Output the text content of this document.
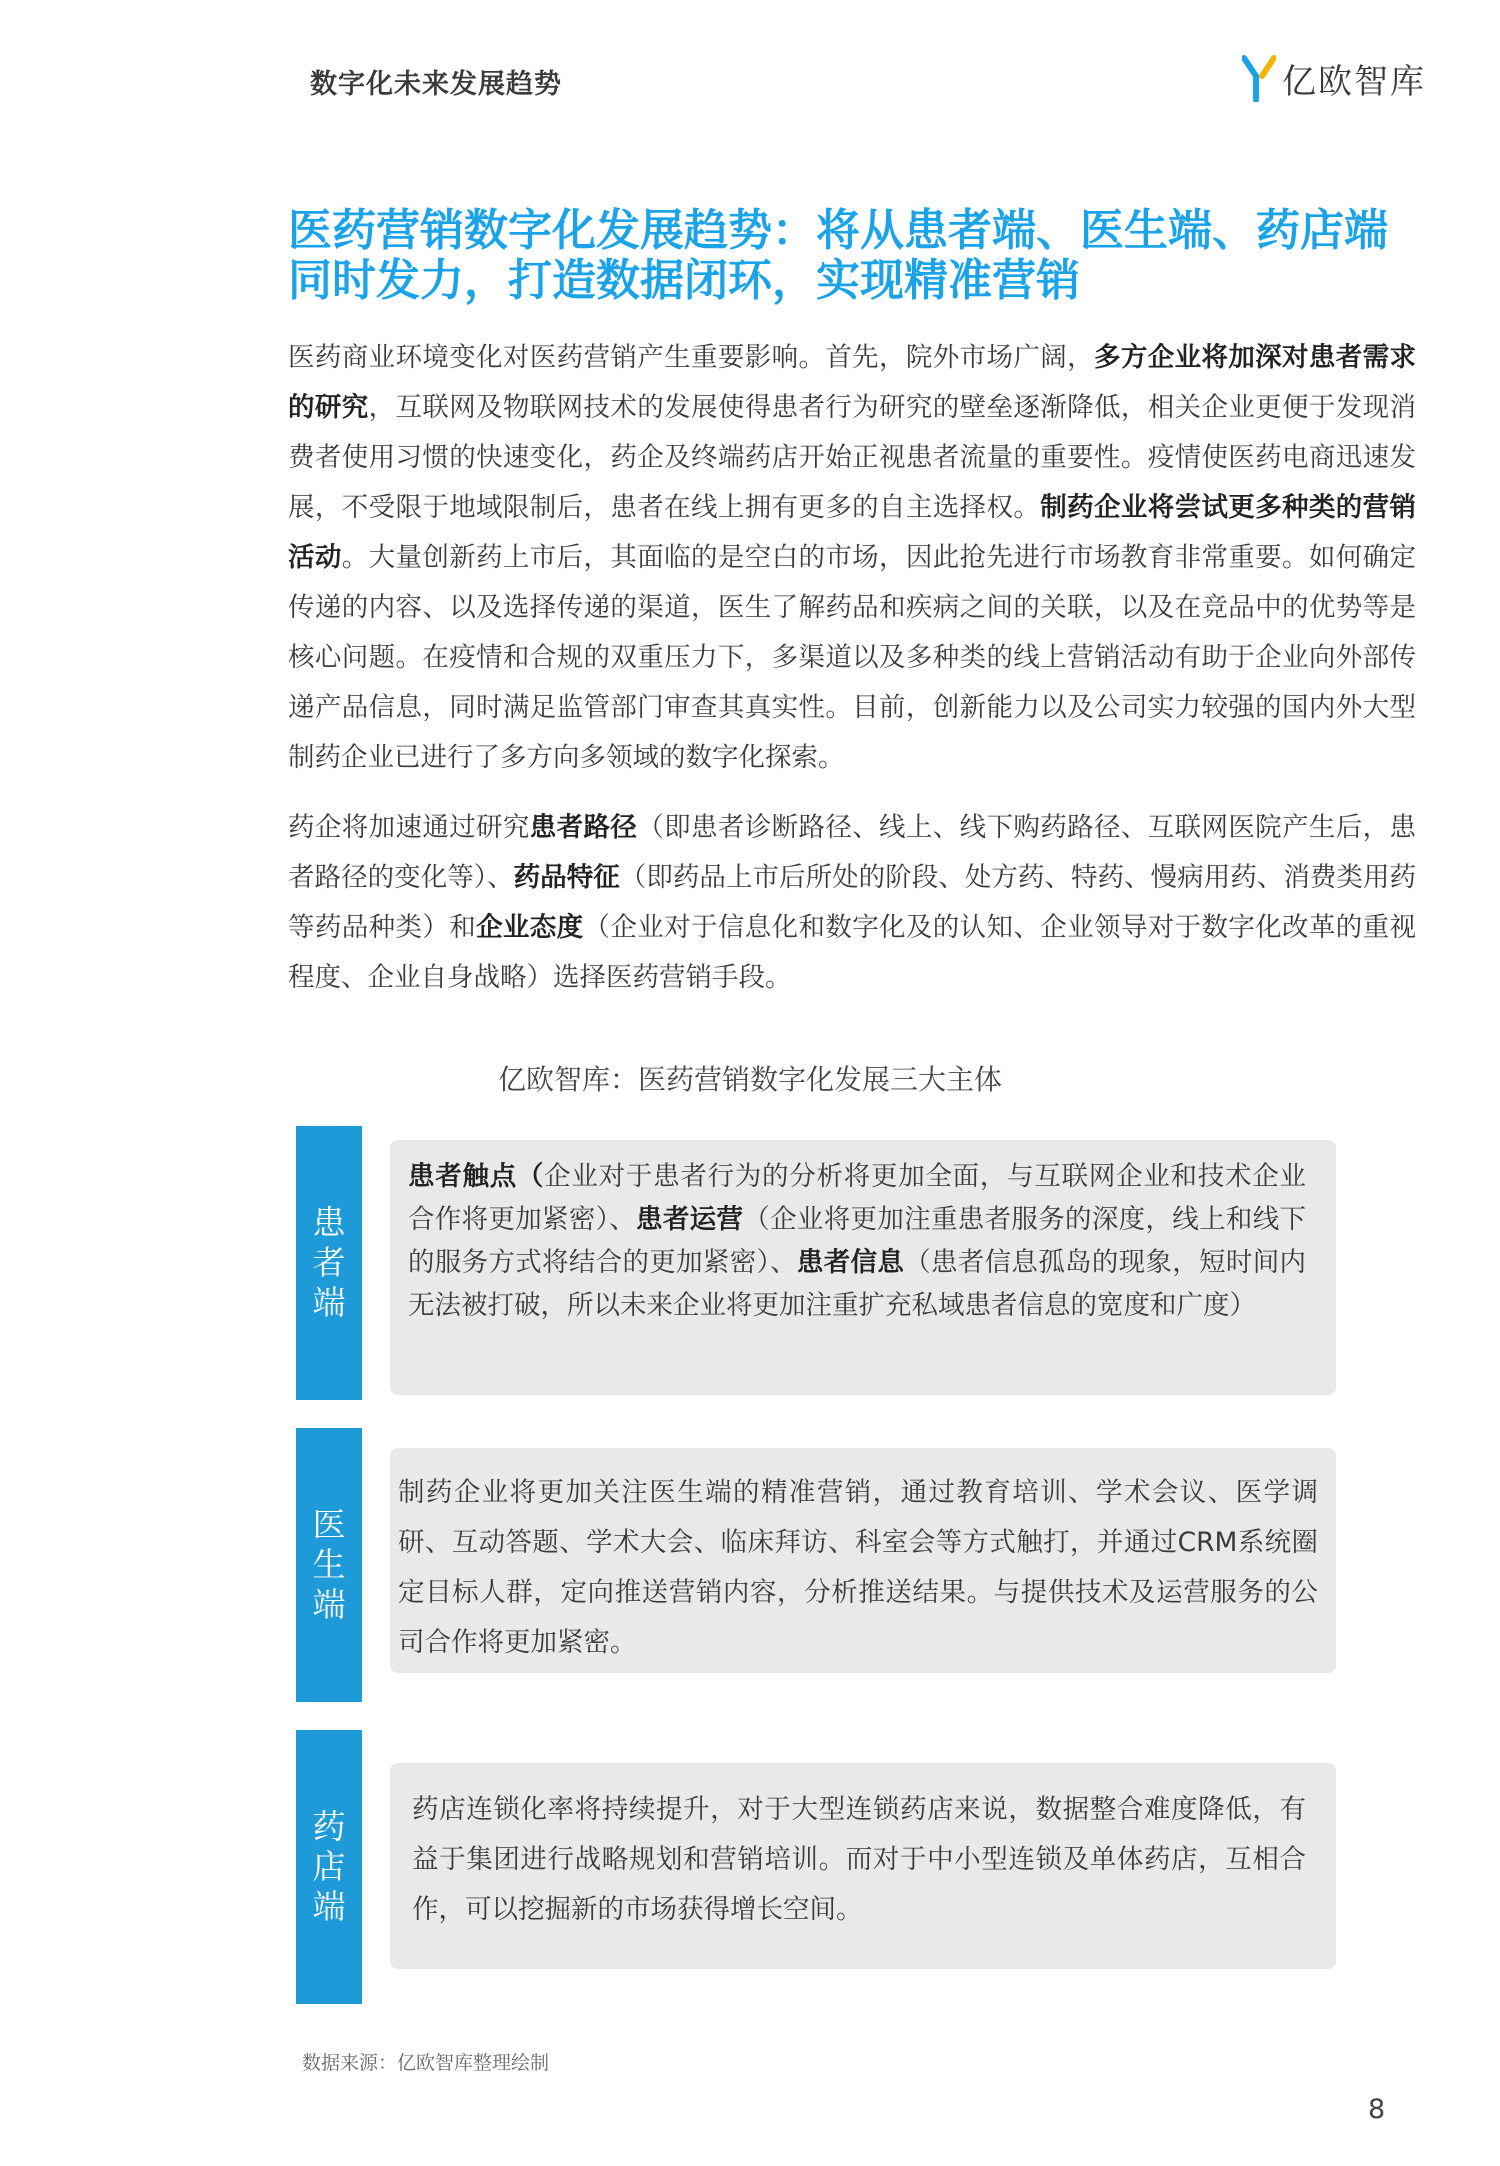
数字化未来发展趋势	亿欧智库
医药营销数字化发展趋势：将从患者端、医生端、药店端
同时发力，打造数据闭环，实现精准营销
医药商业环境变化对医药营销产生重要影响。首先，院外市场广阔，多方企业将加深对患者需求的研究，互联网及物联网技术的发展使得患者行为研究的壁垒逐渐降低，相关企业更便于发现消费者使用习惯的快速变化，药企及终端药店开始正视患者流量的重要性。疫情使医药电商迅速发展，不受限于地域限制后，患者在线上拥有更多的自主选择权。制药企业将尝试更多种类的营销活动。大量创新药上市后，其面临的是空白的市场，因此抢先进行市场教育非常重要。如何确定传递的内容、以及选择传递的渠道，医生了解药品和疾病之间的关联，以及在竞品中的优势等是核心问题。在疫情和合规的双重压力下，多渠道以及多种类的线上营销活动有助于企业向外部传递产品信息，同时满足监管部门审查其真实性。目前，创新能力以及公司实力较强的国内外大型制药企业已进行了多方向多领域的数字化探索。
药企将加速通过研究患者路径（即患者诊断路径、线上、线下购药路径、互联网医院产生后，患者路径的变化等）、药品特征（即药品上市后所处的阶段、处方药、特药、慢病用药、消费类用药等药品种类）和企业态度（企业对于信息化和数字化及的认知、企业领导对于数字化改革的重视程度、企业自身战略）选择医药营销手段。
亿欧智库：医药营销数字化发展三大主体
患
者
端
患者触点（企业对于患者行为的分析将更加全面，与互联网企业和技术企业合作将更加紧密）、患者运营（企业将更加注重患者服务的深度，线上和线下的服务方式将结合的更加紧密）、患者信息（患者信息孤岛的现象，短时间内无法被打破，所以未来企业将更加注重扩充私域患者信息的宽度和广度）
医
生
端
制药企业将更加关注医生端的精准营销，通过教育培训、学术会议、医学调研、互动答题、学术大会、临床拜访、科室会等方式触打，并通过CRM系统圈定目标人群，定向推送营销内容，分析推送结果。与提供技术及运营服务的公司合作将更加紧密。
药
店
端
药店连锁化率将持续提升，对于大型连锁药店来说，数据整合难度降低，有益于集团进行战略规划和营销培训。而对于中小型连锁及单体药店，互相合作，可以挖掘新的市场获得增长空间。
数据来源：亿欧智库整理绘制
8
